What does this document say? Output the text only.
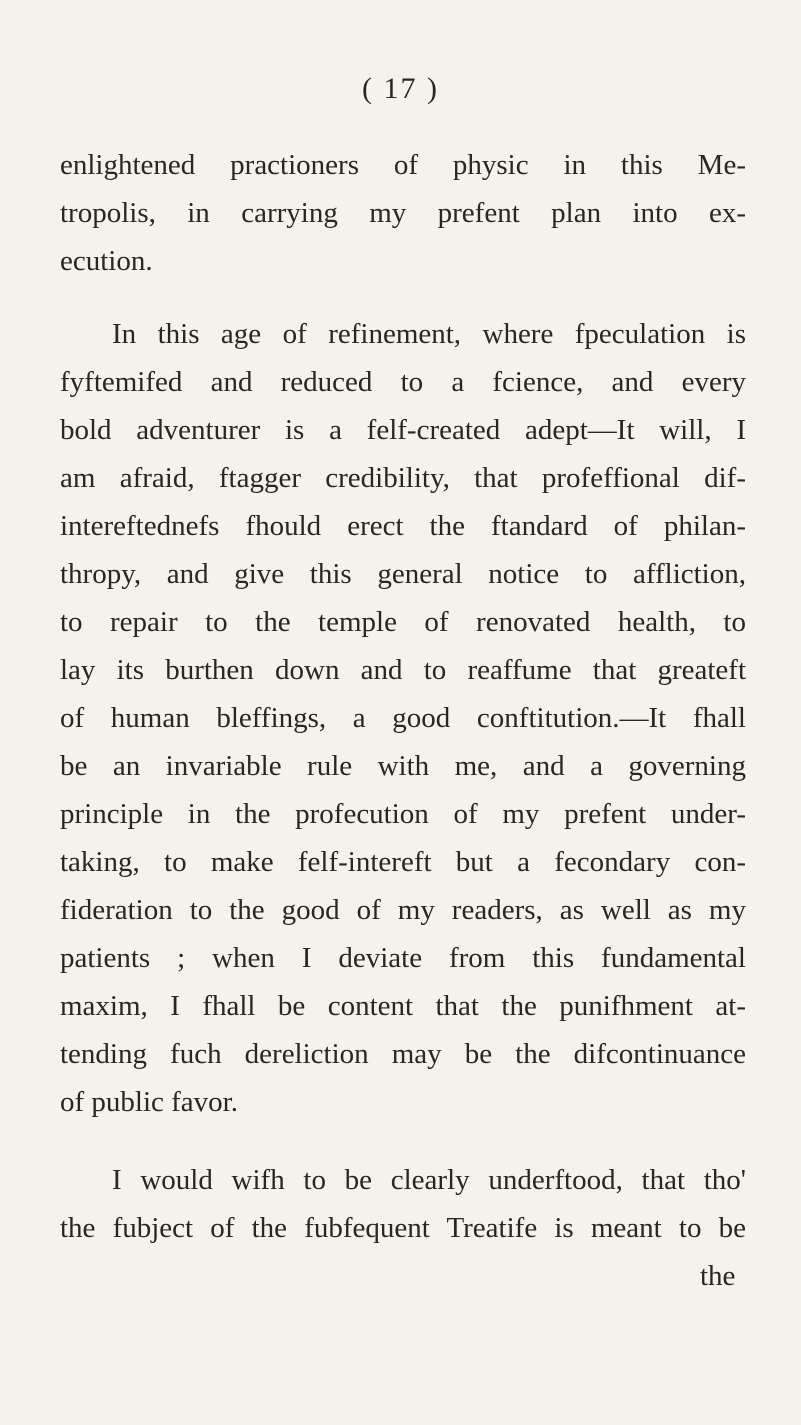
( 17 )
enlightened practioners of physic in this Me-
tropolis, in carrying my prefent plan into ex-
ecution.
In this age of refinement, where fpeculation is
fyftemifed and reduced to a fcience, and every
bold adventurer is a felf-created adept—It will, I
am afraid, ftagger credibility, that profeffional dif-
intereftednefs fhould erect the ftandard of philan-
thropy, and give this general notice to affliction,
to repair to the temple of renovated health, to
lay its burthen down and to reaffume that greateft
of human bleffings, a good conftitution.—It fhall
be an invariable rule with me, and a governing
principle in the profecution of my prefent under-
taking, to make felf-intereft but a fecondary con-
fideration to the good of my readers, as well as my
patients ; when I deviate from this fundamental
maxim, I fhall be content that the punifhment at-
tending fuch dereliction may be the difcontinuance
of public favor.
I would wifh to be clearly underftood, that tho'
the fubject of the fubfequent Treatife is meant to be
the
